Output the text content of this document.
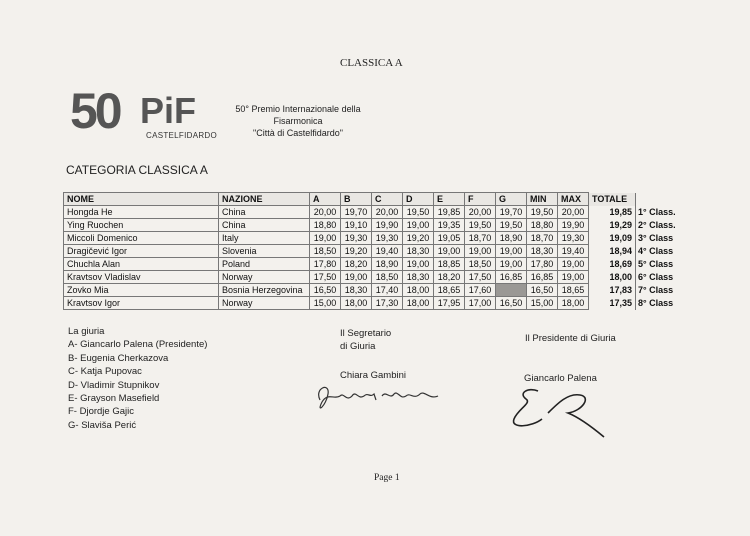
CLASSICA A
50 PiF
CASTELFIDARDO
50° Premio Internazionale della
Fisarmonica
"Città di Castelfidardo"
CATEGORIA CLASSICA A
NOME	NAZIONE	A	B	C	D	E	F	G	MIN	MAX	TOTALE	
Hongda He	China	20,00	19,70	20,00	19,50	19,85	20,00	19,70	19,50	20,00	19,85	1° Class.
Ying Ruochen	China	18,80	19,10	19,90	19,00	19,35	19,50	19,50	18,80	19,90	19,29	2° Class.
Miccoli Domenico	Italy	19,00	19,30	19,30	19,20	19,05	18,70	18,90	18,70	19,30	19,09	3° Class
Dragičević Igor	Slovenia	18,50	19,20	19,40	18,30	19,00	19,00	19,00	18,30	19,40	18,94	4° Class
Chuchla Alan	Poland	17,80	18,20	18,90	19,00	18,85	18,50	19,00	17,80	19,00	18,69	5° Class
Kravtsov Vladislav	Norway	17,50	19,00	18,50	18,30	18,20	17,50	16,85	16,85	19,00	18,00	6° Class
Zovko Mia	Bosnia Herzegovina	16,50	18,30	17,40	18,00	18,65	17,60		16,50	18,65	17,83	7° Class
Kravtsov Igor	Norway	15,00	18,00	17,30	18,00	17,95	17,00	16,50	15,00	18,00	17,35	8° Class
La giuria
A- Giancarlo Palena (Presidente)
B- Eugenia Cherkazova
C- Katja Pupovac
D- Vladimir Stupnikov
E- Grayson Masefield
F- Djordje Gajic
G- Slaviša Perić
Il Segretario
di Giuria
Chiara Gambini
Il Presidente di Giuria
Giancarlo Palena
Page 1
